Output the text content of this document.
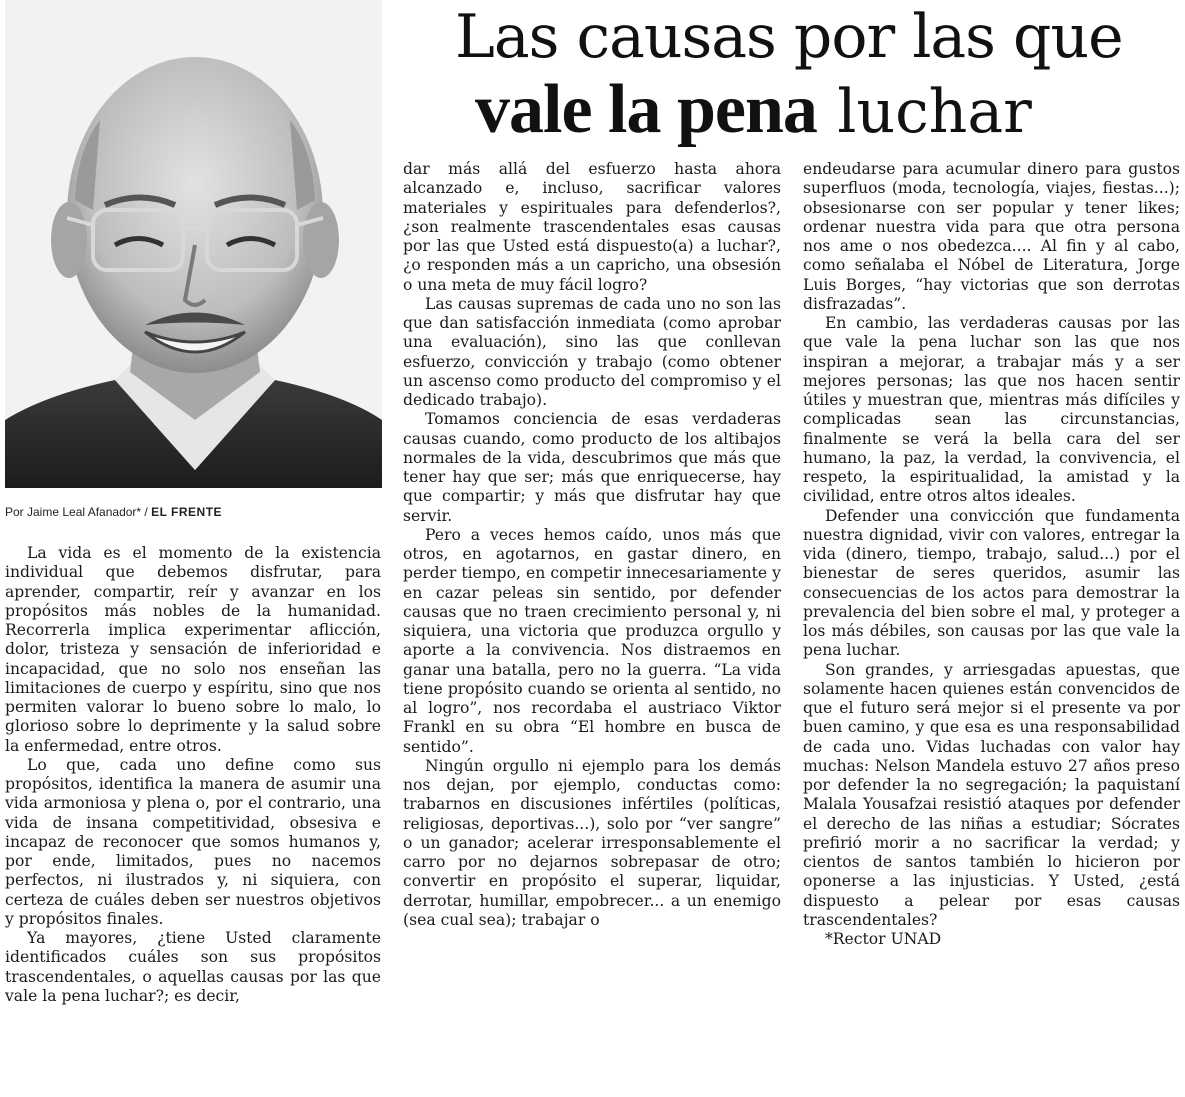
Por Jaime Leal Afanador* / EL FRENTE
Las causas por las que
vale la pena luchar

La vida es el momento de la existencia individual que debemos disfrutar, para aprender, compartir, reír y avanzar en los propósitos más nobles de la humanidad. Recorrerla implica experimentar aflicción, dolor, tristeza y sensación de inferioridad e incapacidad, que no solo nos enseñan las limitaciones de cuerpo y espíritu, sino que nos permiten valorar lo bueno sobre lo malo, lo glorioso sobre lo deprimente y la salud sobre la enfermedad, entre otros.

Lo que, cada uno define como sus propósitos, identifica la manera de asumir una vida armoniosa y plena o, por el contrario, una vida de insana competitividad, obsesiva e incapaz de reconocer que somos humanos y, por ende, limitados, pues no nacemos perfectos, ni ilustrados y, ni siquiera, con certeza de cuáles deben ser nuestros objetivos y propósitos finales.

Ya mayores, ¿tiene Usted claramente identificados cuáles son sus propósitos trascendentales, o aquellas causas por las que vale la pena luchar?; es decir,

dar más allá del esfuerzo hasta ahora alcanzado e, incluso, sacrificar valores materiales y espirituales para defenderlos?, ¿son realmente trascendentales esas causas por las que Usted está dispuesto(a) a luchar?, ¿o responden más a un capricho, una obsesión o una meta de muy fácil logro?

Las causas supremas de cada uno no son las que dan satisfacción inmediata (como aprobar una evaluación), sino las que conllevan esfuerzo, convicción y trabajo (como obtener un ascenso como producto del compromiso y el dedicado trabajo).

Tomamos conciencia de esas verdaderas causas cuando, como producto de los altibajos normales de la vida, descubrimos que más que tener hay que ser; más que enriquecerse, hay que compartir; y más que disfrutar hay que servir.

Pero a veces hemos caído, unos más que otros, en agotarnos, en gastar dinero, en perder tiempo, en competir innecesariamente y en cazar peleas sin sentido, por defender causas que no traen crecimiento personal y, ni siquiera, una victoria que produzca orgullo y aporte a la convivencia. Nos distraemos en ganar una batalla, pero no la guerra. “La vida tiene propósito cuando se orienta al sentido, no al logro”, nos recordaba el austriaco Viktor Frankl en su obra “El hombre en busca de sentido”.

Ningún orgullo ni ejemplo para los demás nos dejan, por ejemplo, conductas como: trabarnos en discusiones infértiles (políticas, religiosas, deportivas...), solo por “ver sangre” o un ganador; acelerar irresponsablemente el carro por no dejarnos sobrepasar de otro; convertir en propósito el superar, liquidar, derrotar, humillar, empobrecer... a un enemigo (sea cual sea); trabajar o

endeudarse para acumular dinero para gustos superfluos (moda, tecnología, viajes, fiestas...); obsesionarse con ser popular y tener likes; ordenar nuestra vida para que otra persona nos ame o nos obedezca.... Al fin y al cabo, como señalaba el Nóbel de Literatura, Jorge Luis Borges, “hay victorias que son derrotas disfrazadas”.

En cambio, las verdaderas causas por las que vale la pena luchar son las que nos inspiran a mejorar, a trabajar más y a ser mejores personas; las que nos hacen sentir útiles y muestran que, mientras más difíciles y complicadas sean las circunstancias, finalmente se verá la bella cara del ser humano, la paz, la verdad, la convivencia, el respeto, la espiritualidad, la amistad y la civilidad, entre otros altos ideales.

Defender una convicción que fundamenta nuestra dignidad, vivir con valores, entregar la vida (dinero, tiempo, trabajo, salud...) por el bienestar de seres queridos, asumir las consecuencias de los actos para demostrar la prevalencia del bien sobre el mal, y proteger a los más débiles, son causas por las que vale la pena luchar.

Son grandes, y arriesgadas apuestas, que solamente hacen quienes están convencidos de que el futuro será mejor si el presente va por buen camino, y que esa es una responsabilidad de cada uno. Vidas luchadas con valor hay muchas: Nelson Mandela estuvo 27 años preso por defender la no segregación; la paquistaní Malala Yousafzai resistió ataques por defender el derecho de las niñas a estudiar; Sócrates prefirió morir a no sacrificar la verdad; y cientos de santos también lo hicieron por oponerse a las injusticias. Y Usted, ¿está dispuesto a pelear por esas causas trascendentales?

*Rector UNAD
